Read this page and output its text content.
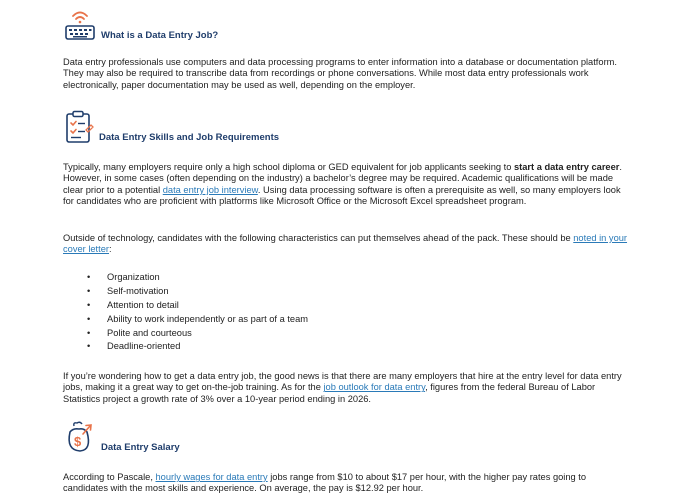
What is a Data Entry Job?

Data entry professionals use computers and data processing programs to enter information into a database or documentation platform. They may also be required to transcribe data from recordings or phone conversations. While most data entry professionals work electronically, paper documentation may be used as well, depending on the employer.

Data Entry Skills and Job Requirements

Typically, many employers require only a high school diploma or GED equivalent for job applicants seeking to start a data entry career. However, in some cases (often depending on the industry) a bachelor’s degree may be required. Academic qualifications will be made clear prior to a potential data entry job interview. Using data processing software is often a prerequisite as well, so many employers look for candidates who are proficient with platforms like Microsoft Office or the Microsoft Excel spreadsheet program.

Outside of technology, candidates with the following characteristics can put themselves ahead of the pack. These should be noted in your cover letter:

• Organization
• Self-motivation
• Attention to detail
• Ability to work independently or as part of a team
• Polite and courteous
• Deadline-oriented

If you’re wondering how to get a data entry job, the good news is that there are many employers that hire at the entry level for data entry jobs, making it a great way to get on-the-job training. As for the job outlook for data entry, figures from the federal Bureau of Labor Statistics project a growth rate of 3% over a 10-year period ending in 2026.

$ Data Entry Salary

According to Pascale, hourly wages for data entry jobs range from $10 to about $17 per hour, with the higher pay rates going to candidates with the most skills and experience. On average, the pay is $12.92 per hour.
